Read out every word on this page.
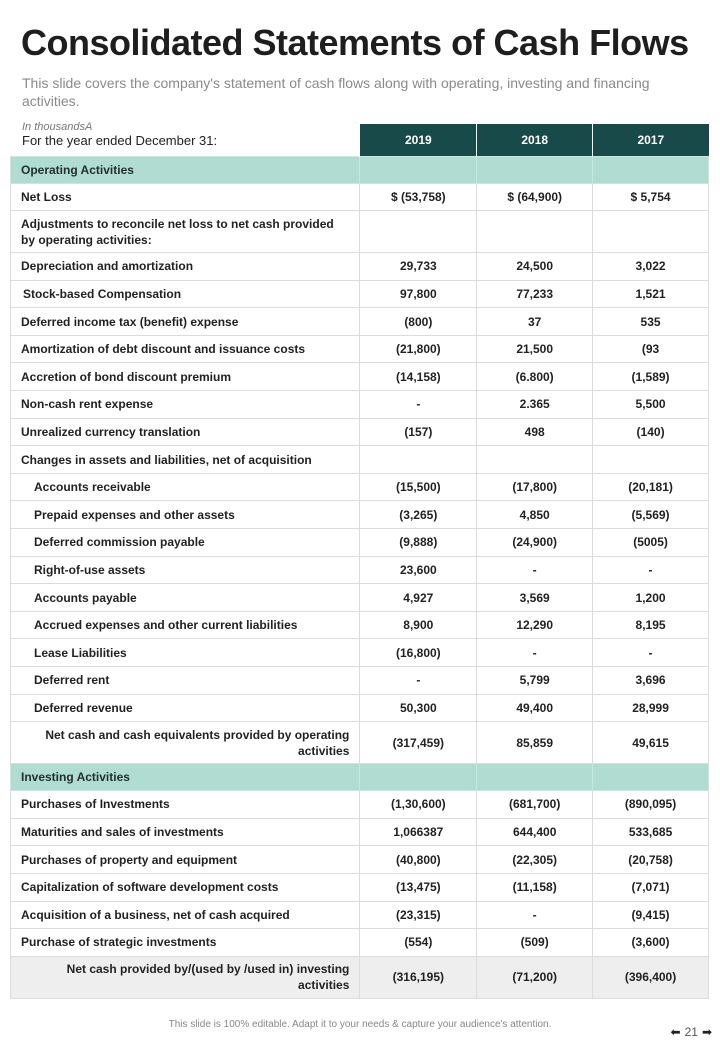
Consolidated Statements of Cash Flows
This slide covers the company's statement of cash flows along with operating, investing and financing activities.
In thousandsA
For the year ended December 31:
		2019	2018	2017
Operating Activities			
Net Loss	$ (53,758)	$ (64,900)	$ 5,754
Adjustments to reconcile net loss to net cash provided by operating activities:			
Depreciation and amortization	29,733	24,500	3,022
Stock-based Compensation	97,800	77,233	1,521
Deferred income tax (benefit) expense	(800)	37	535
Amortization of debt discount and issuance costs	(21,800)	21,500	(93
Accretion of bond discount premium	(14,158)	(6.800)	(1,589)
Non-cash rent expense	-	2.365	5,500
Unrealized currency translation	(157)	498	(140)
Changes in assets and liabilities, net of acquisition			
Accounts receivable	(15,500)	(17,800)	(20,181)
Prepaid expenses and other assets	(3,265)	4,850	(5,569)
Deferred commission payable	(9,888)	(24,900)	(5005)
Right-of-use assets	23,600	-	-
Accounts payable	4,927	3,569	1,200
Accrued expenses and other current liabilities	8,900	12,290	8,195
Lease Liabilities	(16,800)	-	-
Deferred rent	-	5,799	3,696
Deferred revenue	50,300	49,400	28,999
Net cash and cash equivalents provided by operating activities	(317,459)	85,859	49,615
Investing Activities			
Purchases of Investments	(1,30,600)	(681,700)	(890,095)
Maturities and sales of investments	1,066387	644,400	533,685
Purchases of property and equipment	(40,800)	(22,305)	(20,758)
Capitalization of software development costs	(13,475)	(11,158)	(7,071)
Acquisition of a business, net of cash acquired	(23,315)	-	(9,415)
Purchase of strategic investments	(554)	(509)	(3,600)
Net cash provided by/(used by /used in) investing activities	(316,195)	(71,200)	(396,400)
This slide is 100% editable. Adapt it to your needs & capture your audience's attention.
⬅ 21 ➡
